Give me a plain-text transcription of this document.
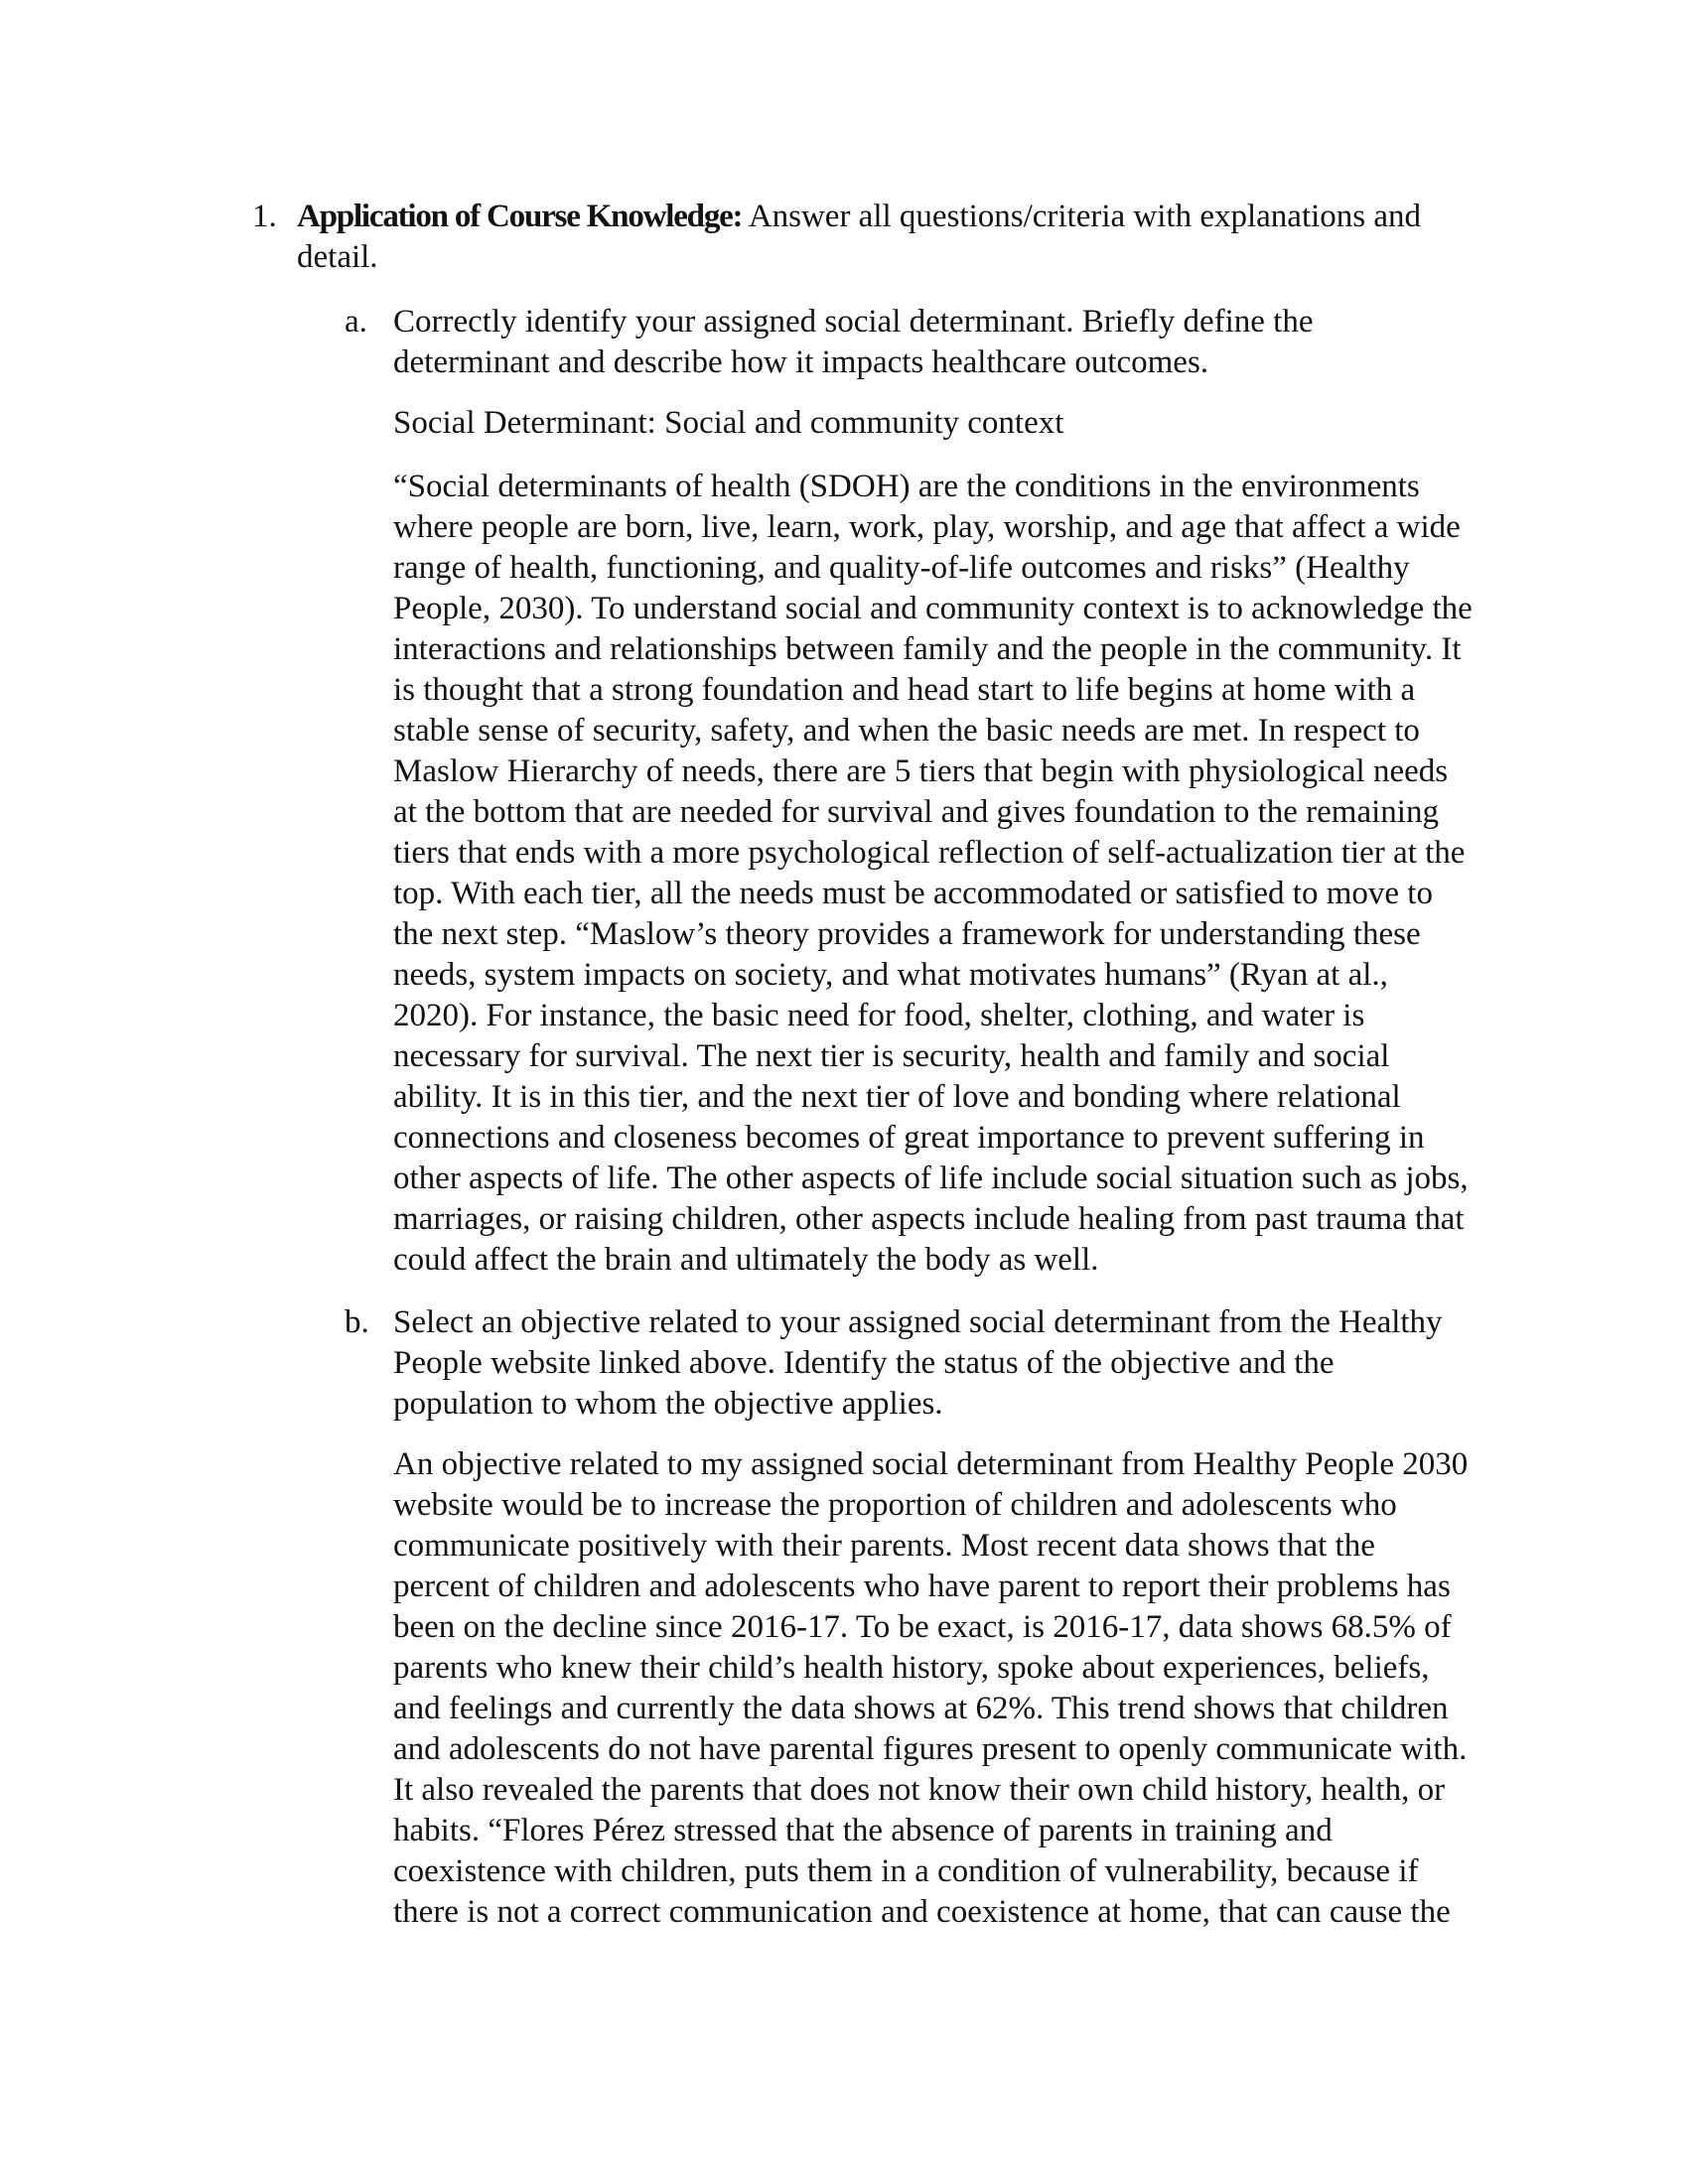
1. Application of Course Knowledge: Answer all questions/criteria with explanations and
detail.
a. Correctly identify your assigned social determinant. Briefly define the
determinant and describe how it impacts healthcare outcomes.
Social Determinant: Social and community context
“Social determinants of health (SDOH) are the conditions in the environments
where people are born, live, learn, work, play, worship, and age that affect a wide
range of health, functioning, and quality-of-life outcomes and risks” (Healthy
People, 2030). To understand social and community context is to acknowledge the
interactions and relationships between family and the people in the community. It
is thought that a strong foundation and head start to life begins at home with a
stable sense of security, safety, and when the basic needs are met. In respect to
Maslow Hierarchy of needs, there are 5 tiers that begin with physiological needs
at the bottom that are needed for survival and gives foundation to the remaining
tiers that ends with a more psychological reflection of self-actualization tier at the
top. With each tier, all the needs must be accommodated or satisfied to move to
the next step. “Maslow’s theory provides a framework for understanding these
needs, system impacts on society, and what motivates humans” (Ryan at al.,
2020). For instance, the basic need for food, shelter, clothing, and water is
necessary for survival. The next tier is security, health and family and social
ability. It is in this tier, and the next tier of love and bonding where relational
connections and closeness becomes of great importance to prevent suffering in
other aspects of life. The other aspects of life include social situation such as jobs,
marriages, or raising children, other aspects include healing from past trauma that
could affect the brain and ultimately the body as well.
b. Select an objective related to your assigned social determinant from the Healthy
People website linked above. Identify the status of the objective and the
population to whom the objective applies.
An objective related to my assigned social determinant from Healthy People 2030
website would be to increase the proportion of children and adolescents who
communicate positively with their parents. Most recent data shows that the
percent of children and adolescents who have parent to report their problems has
been on the decline since 2016-17. To be exact, is 2016-17, data shows 68.5% of
parents who knew their child’s health history, spoke about experiences, beliefs,
and feelings and currently the data shows at 62%. This trend shows that children
and adolescents do not have parental figures present to openly communicate with.
It also revealed the parents that does not know their own child history, health, or
habits. “Flores Pérez stressed that the absence of parents in training and
coexistence with children, puts them in a condition of vulnerability, because if
there is not a correct communication and coexistence at home, that can cause the
